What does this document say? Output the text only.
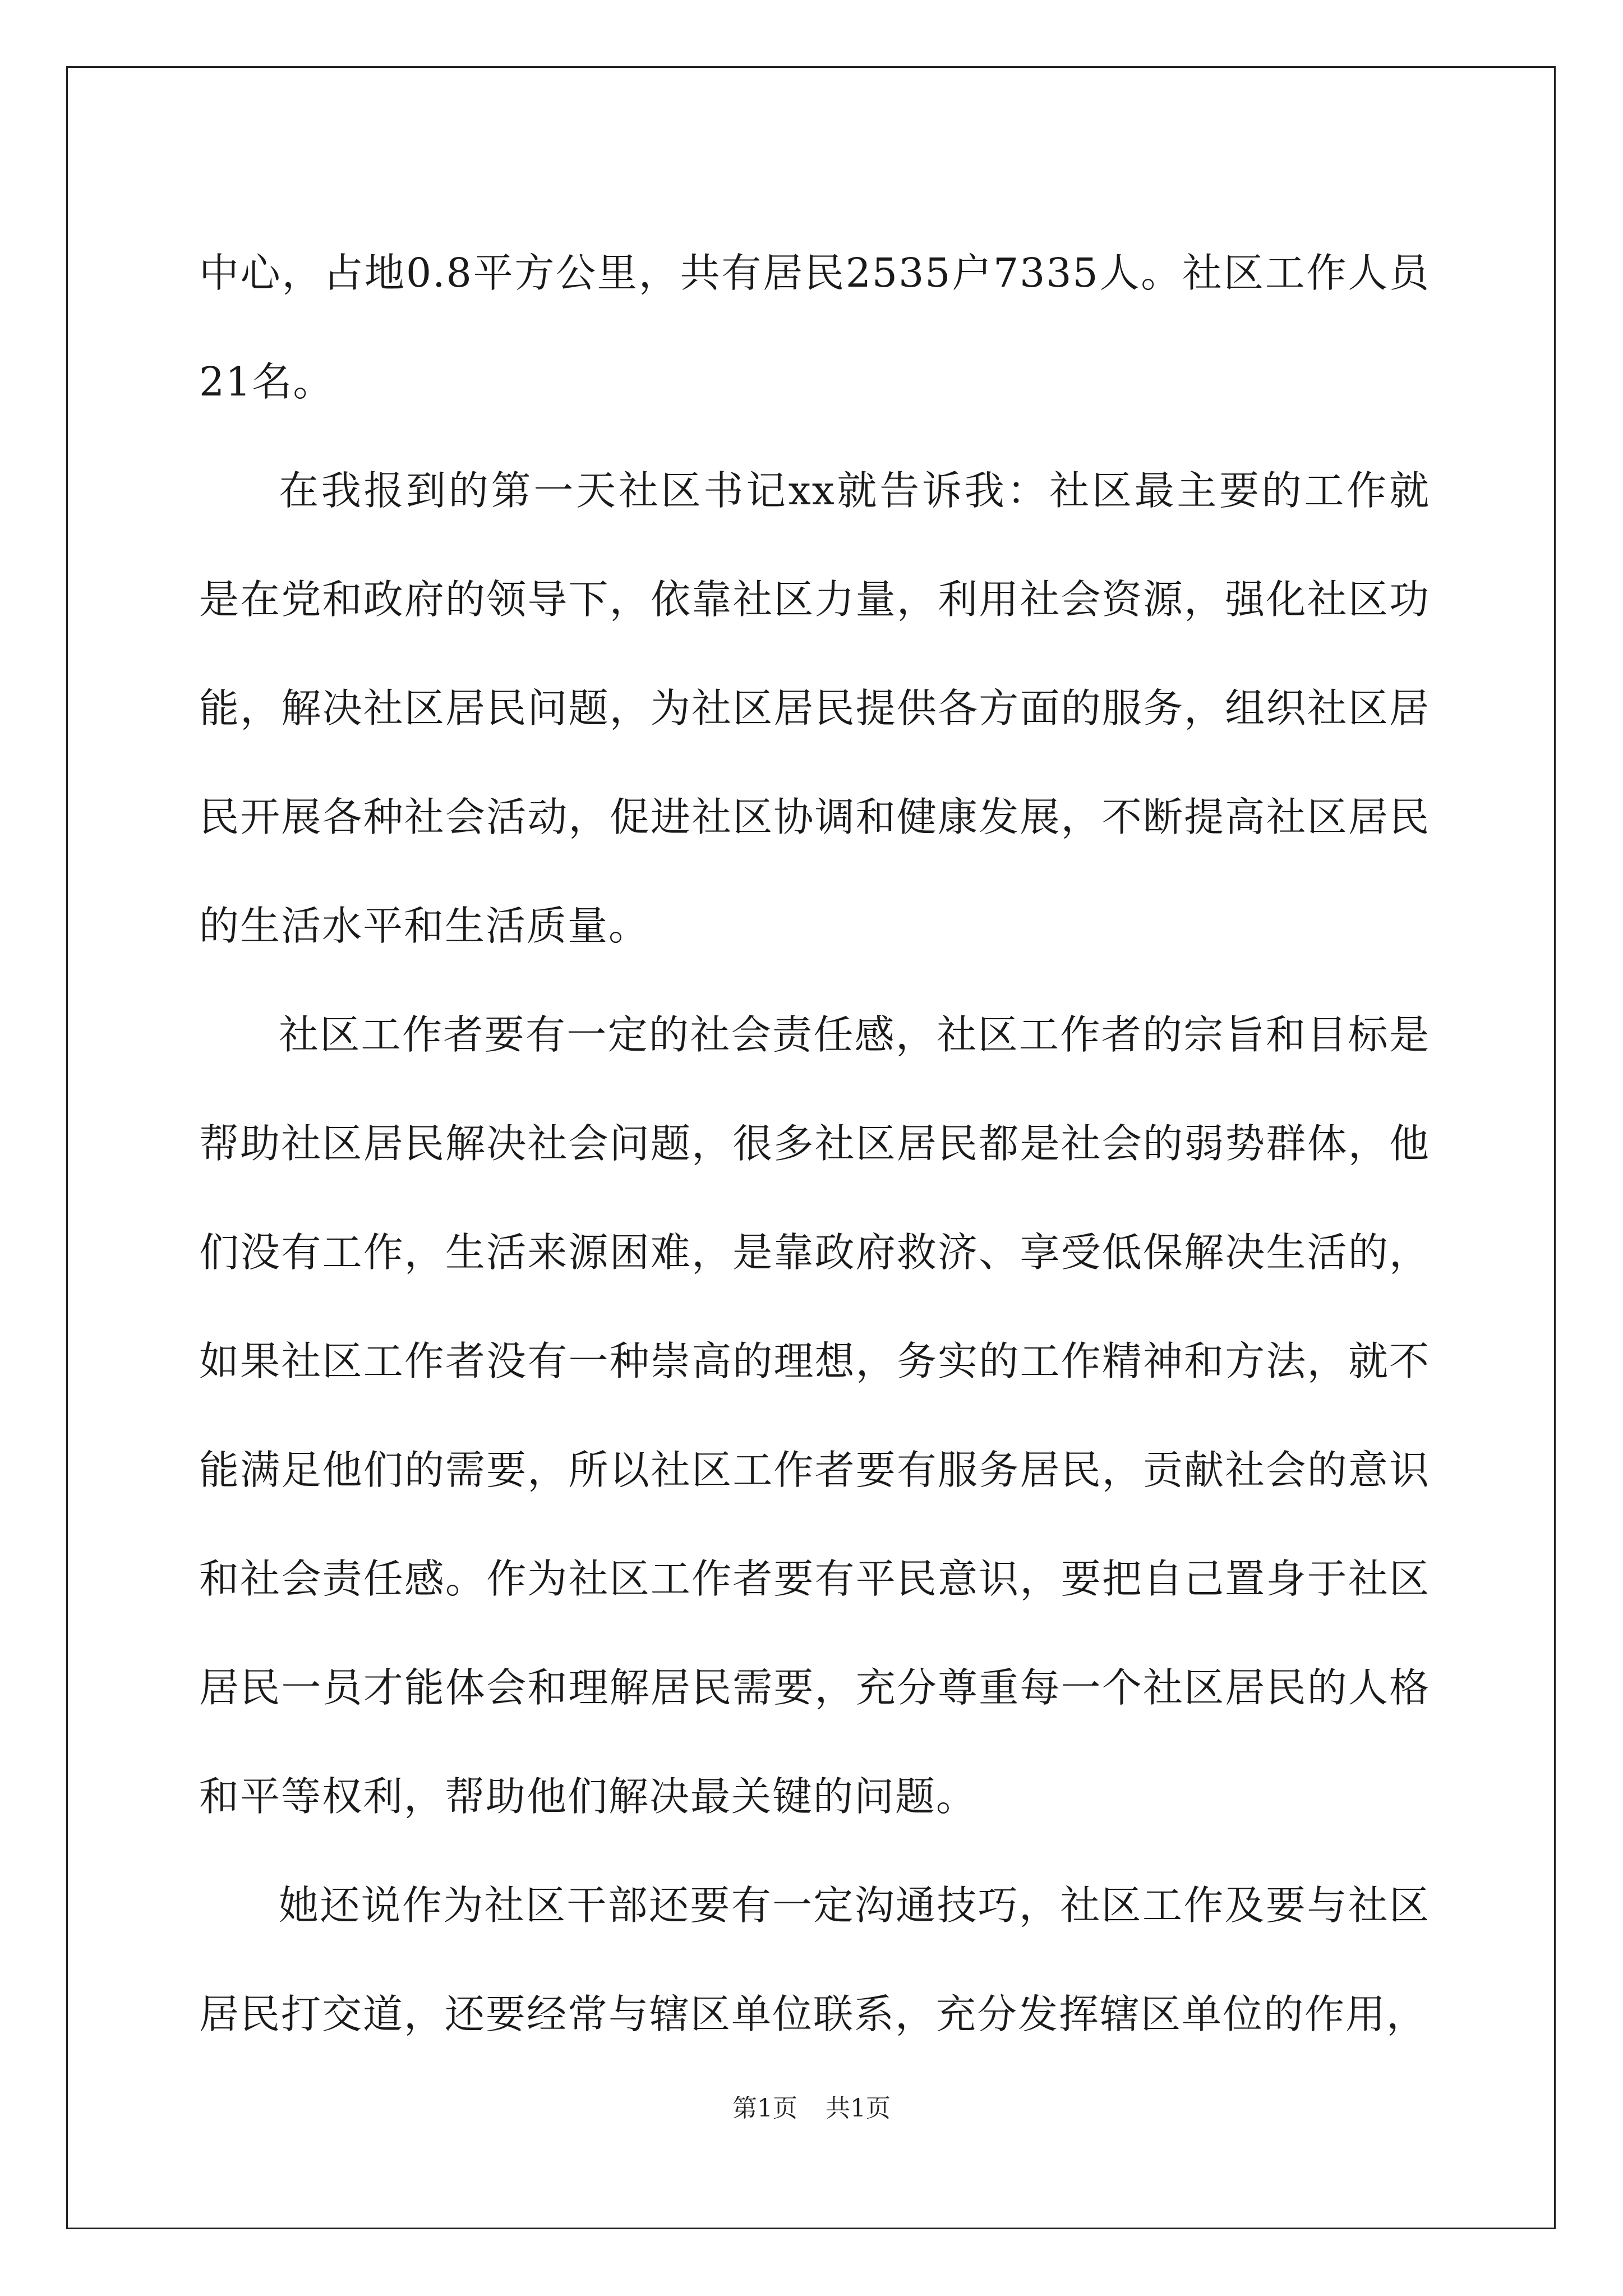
中心，占地0.8平方公里，共有居民2535户7335人。社区工作人员21名。

在我报到的第一天社区书记xx就告诉我：社区最主要的工作就是在党和政府的领导下，依靠社区力量，利用社会资源，强化社区功能，解决社区居民问题，为社区居民提供各方面的服务，组织社区居民开展各种社会活动，促进社区协调和健康发展，不断提高社区居民的生活水平和生活质量。

社区工作者要有一定的社会责任感，社区工作者的宗旨和目标是帮助社区居民解决社会问题，很多社区居民都是社会的弱势群体，他们没有工作，生活来源困难，是靠政府救济、享受低保解决生活的，如果社区工作者没有一种崇高的理想，务实的工作精神和方法，就不能满足他们的需要，所以社区工作者要有服务居民，贡献社会的意识和社会责任感。作为社区工作者要有平民意识，要把自己置身于社区居民一员才能体会和理解居民需要，充分尊重每一个社区居民的人格和平等权利，帮助他们解决最关键的问题。

她还说作为社区干部还要有一定沟通技巧，社区工作及要与社区居民打交道，还要经常与辖区单位联系，充分发挥辖区单位的作用，

第1页 共1页
